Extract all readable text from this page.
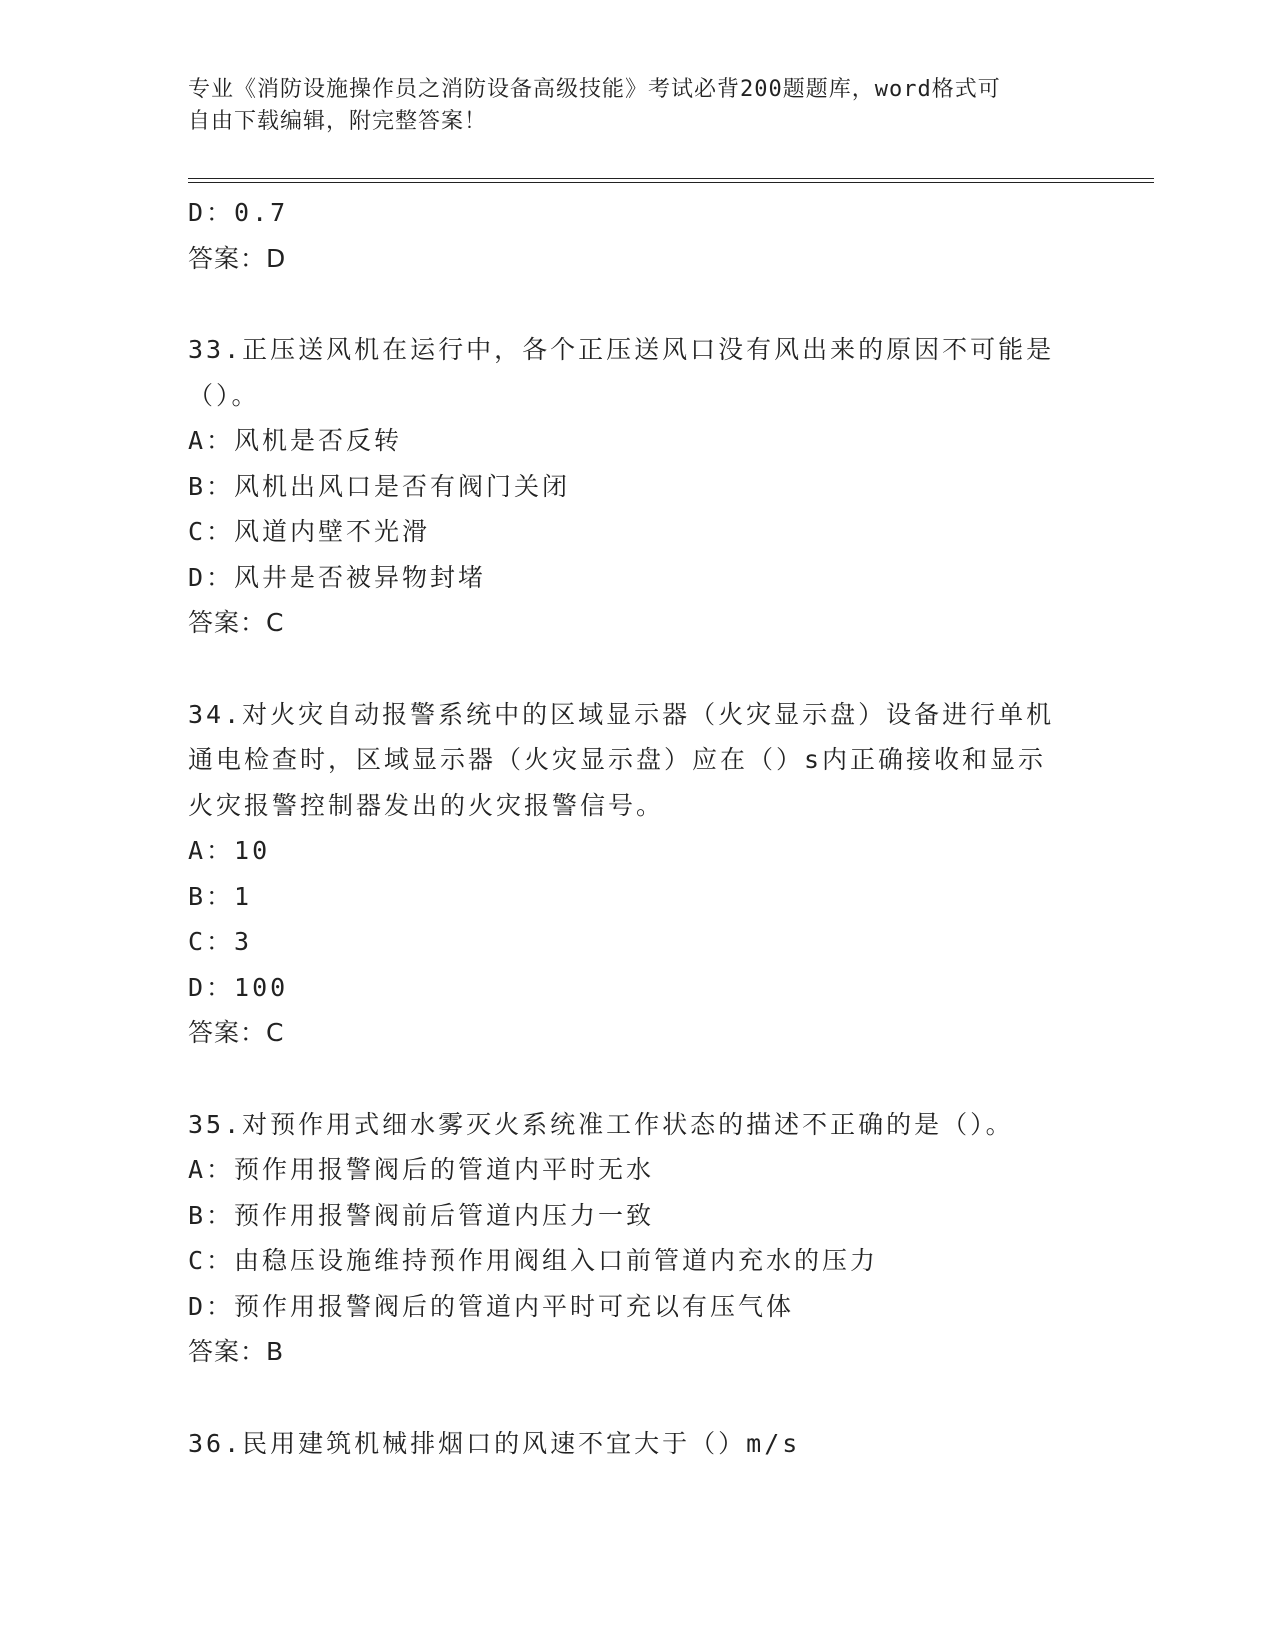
专业《消防设施操作员之消防设备高级技能》考试必背200题题库，word格式可
自由下载编辑，附完整答案！
D：0.7
答案：D
33.正压送风机在运行中，各个正压送风口没有风出来的原因不可能是
（）。
A：风机是否反转
B：风机出风口是否有阀门关闭
C：风道内壁不光滑
D：风井是否被异物封堵
答案：C
34.对火灾自动报警系统中的区域显示器（火灾显示盘）设备进行单机
通电检查时，区域显示器（火灾显示盘）应在（）s内正确接收和显示
火灾报警控制器发出的火灾报警信号。
A：10
B：1
C：3
D：100
答案：C
35.对预作用式细水雾灭火系统准工作状态的描述不正确的是（）。
A：预作用报警阀后的管道内平时无水
B：预作用报警阀前后管道内压力一致
C：由稳压设施维持预作用阀组入口前管道内充水的压力
D：预作用报警阀后的管道内平时可充以有压气体
答案：B
36.民用建筑机械排烟口的风速不宜大于（）m/s
